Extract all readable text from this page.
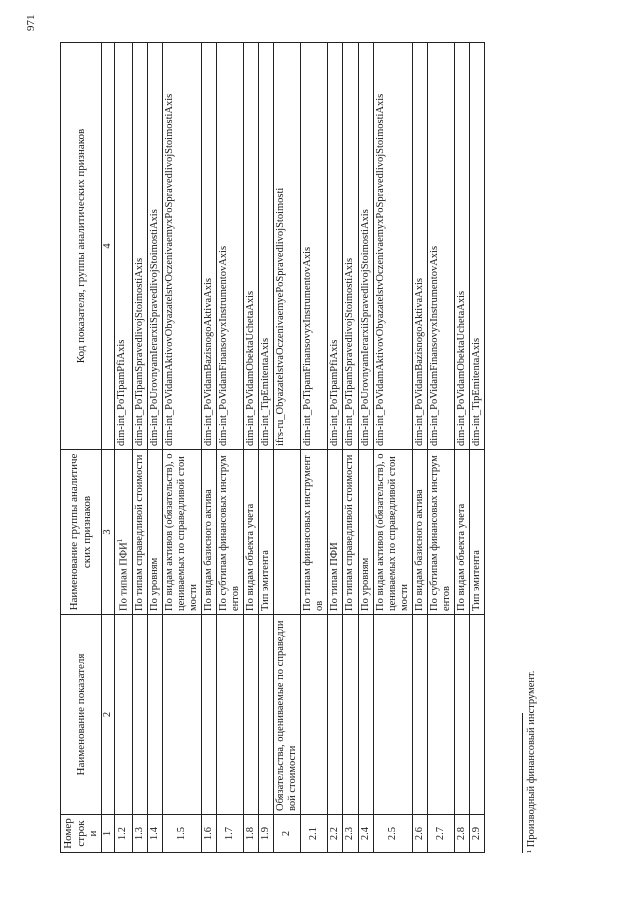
Номер строки	Наименование показателя	Наименование группы аналитических признаков	Код показателя, группы аналитических признаков
1	2	3	4
1.2		По типам ПФИ$^1$	dim-int_PoTipamPfiAxis
1.3		По типам справедливой стоимости	dim-int_PoTipamSpravedlivojStoimostiAxis
1.4		По уровням	dim-int_PoUrovnyamIerarxiiSpravedlivojStoimostiAxis
1.5		По видам активов (обязательств), оцениваемых по справедливой стоимости	dim-int_PoVidamAktivovObyazatelstvOczenivaemyxPoSpravedlivojStoimostiAxis
1.6		По видам базисного актива	dim-int_PoVidamBazisnogoAktivaAxis
1.7		По субтипам финансовых инструментов	dim-int_PoVidamFinansovyxInstrumentovAxis
1.8		По видам объекта учета	dim-int_PoVidamObektaUchetaAxis
1.9		Тип эмитента	dim-int_TipEmitentaAxis
2	Обязательства, оцениваемые по справедливой стоимости		ifrs-ru_ObyazatelstvaOczenivaemyePoSpravedlivojStoimosti
2.1		По типам финансовых инструментов	dim-int_PoTipamFinansovyxInstrumentovAxis
2.2		По типам ПФИ	dim-int_PoTipamPfiAxis
2.3		По типам справедливой стоимости	dim-int_PoTipamSpravedlivojStoimostiAxis
2.4		По уровням	dim-int_PoUrovnyamIerarxiiSpravedlivojStoimostiAxis
2.5		По видам активов (обязательств), оцениваемых по справедливой стоимости	dim-int_PoVidamAktivovObyazatelstvOczenivaemyxPoSpravedlivojStoimostiAxis
2.6		По видам базисного актива	dim-int_PoVidamBazisnogoAktivaAxis
2.7		По субтипам финансовых инструментов	dim-int_PoVidamFinansovyxInstrumentovAxis
2.8		По видам объекта учета	dim-int_PoVidamObektaUchetaAxis
2.9		Тип эмитента	dim-int_TipEmitentaAxis
¹ Производный финансовый инструмент.
971
